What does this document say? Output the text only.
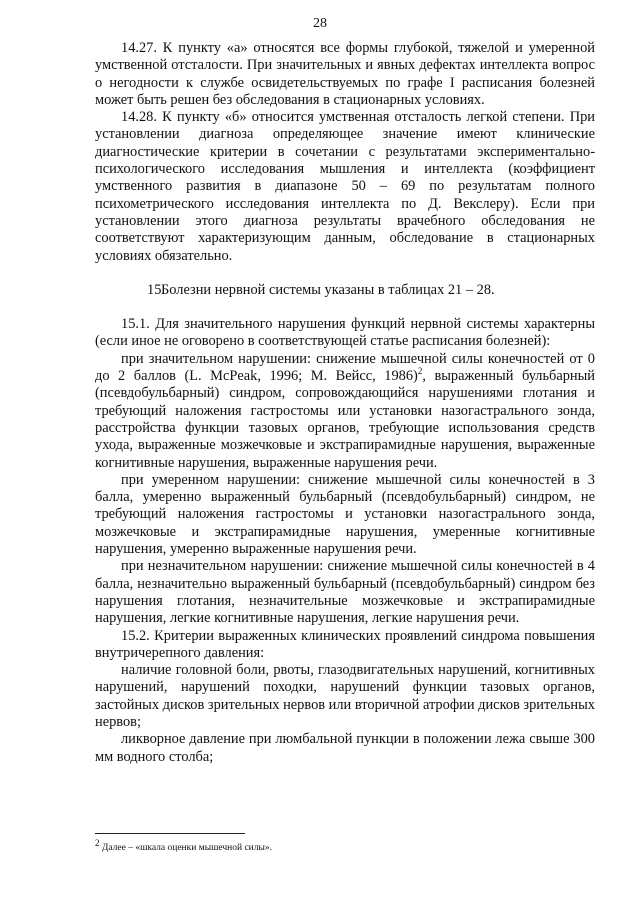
28

14.27. К пункту «а» относятся все формы глубокой, тяжелой и умеренной умственной отсталости. При значительных и явных дефектах интеллекта вопрос о негодности к службе освидетельствуемых по графе I расписания болезней может быть решен без обследования в стационарных условиях.

14.28. К пункту «б» относится умственная отсталость легкой степени. При установлении диагноза определяющее значение имеют клинические диагностические критерии в сочетании с результатами экспериментально-психологического исследования мышления и интеллекта (коэффициент умственного развития в диапазоне 50 – 69 по результатам полного психометрического исследования интеллекта по Д. Векслеру). Если при установлении этого диагноза результаты врачебного обследования не соответствуют характеризующим данным, обследование в стационарных условиях обязательно.

15.Болезни нервной системы указаны в таблицах 21 – 28.

15.1. Для значительного нарушения функций нервной системы характерны (если иное не оговорено в соответствующей статье расписания болезней):

при значительном нарушении: снижение мышечной силы конечностей от 0 до 2 баллов (L. McPeak, 1996; М. Вейсс, 1986)$^2$, выраженный бульбарный (псевдобульбарный) синдром, сопровождающийся нарушениями глотания и требующий наложения гастростомы или установки назогастрального зонда, расстройства функции тазовых органов, требующие использования средств ухода, выраженные мозжечковые и экстрапирамидные нарушения, выраженные когнитивные нарушения, выраженные нарушения речи.

при умеренном нарушении: снижение мышечной силы конечностей в 3 балла, умеренно выраженный бульбарный (псевдобульбарный) синдром, не требующий наложения гастростомы и установки назогастрального зонда, мозжечковые и экстрапирамидные нарушения, умеренные когнитивные нарушения, умеренно выраженные нарушения речи.

при незначительном нарушении: снижение мышечной силы конечностей в 4 балла, незначительно выраженный бульбарный (псевдобульбарный) синдром без нарушения глотания, незначительные мозжечковые и экстрапирамидные нарушения, легкие когнитивные нарушения, легкие нарушения речи.

15.2. Критерии выраженных клинических проявлений синдрома повышения внутричерепного давления:

наличие головной боли, рвоты, глазодвигательных нарушений, когнитивных нарушений, нарушений походки, нарушений функции тазовых органов, застойных дисков зрительных нервов или вторичной атрофии дисков зрительных нервов;

ликворное давление при люмбальной пункции в положении лежа свыше 300 мм водного столба;

$^2$ Далее – «шкала оценки мышечной силы».
